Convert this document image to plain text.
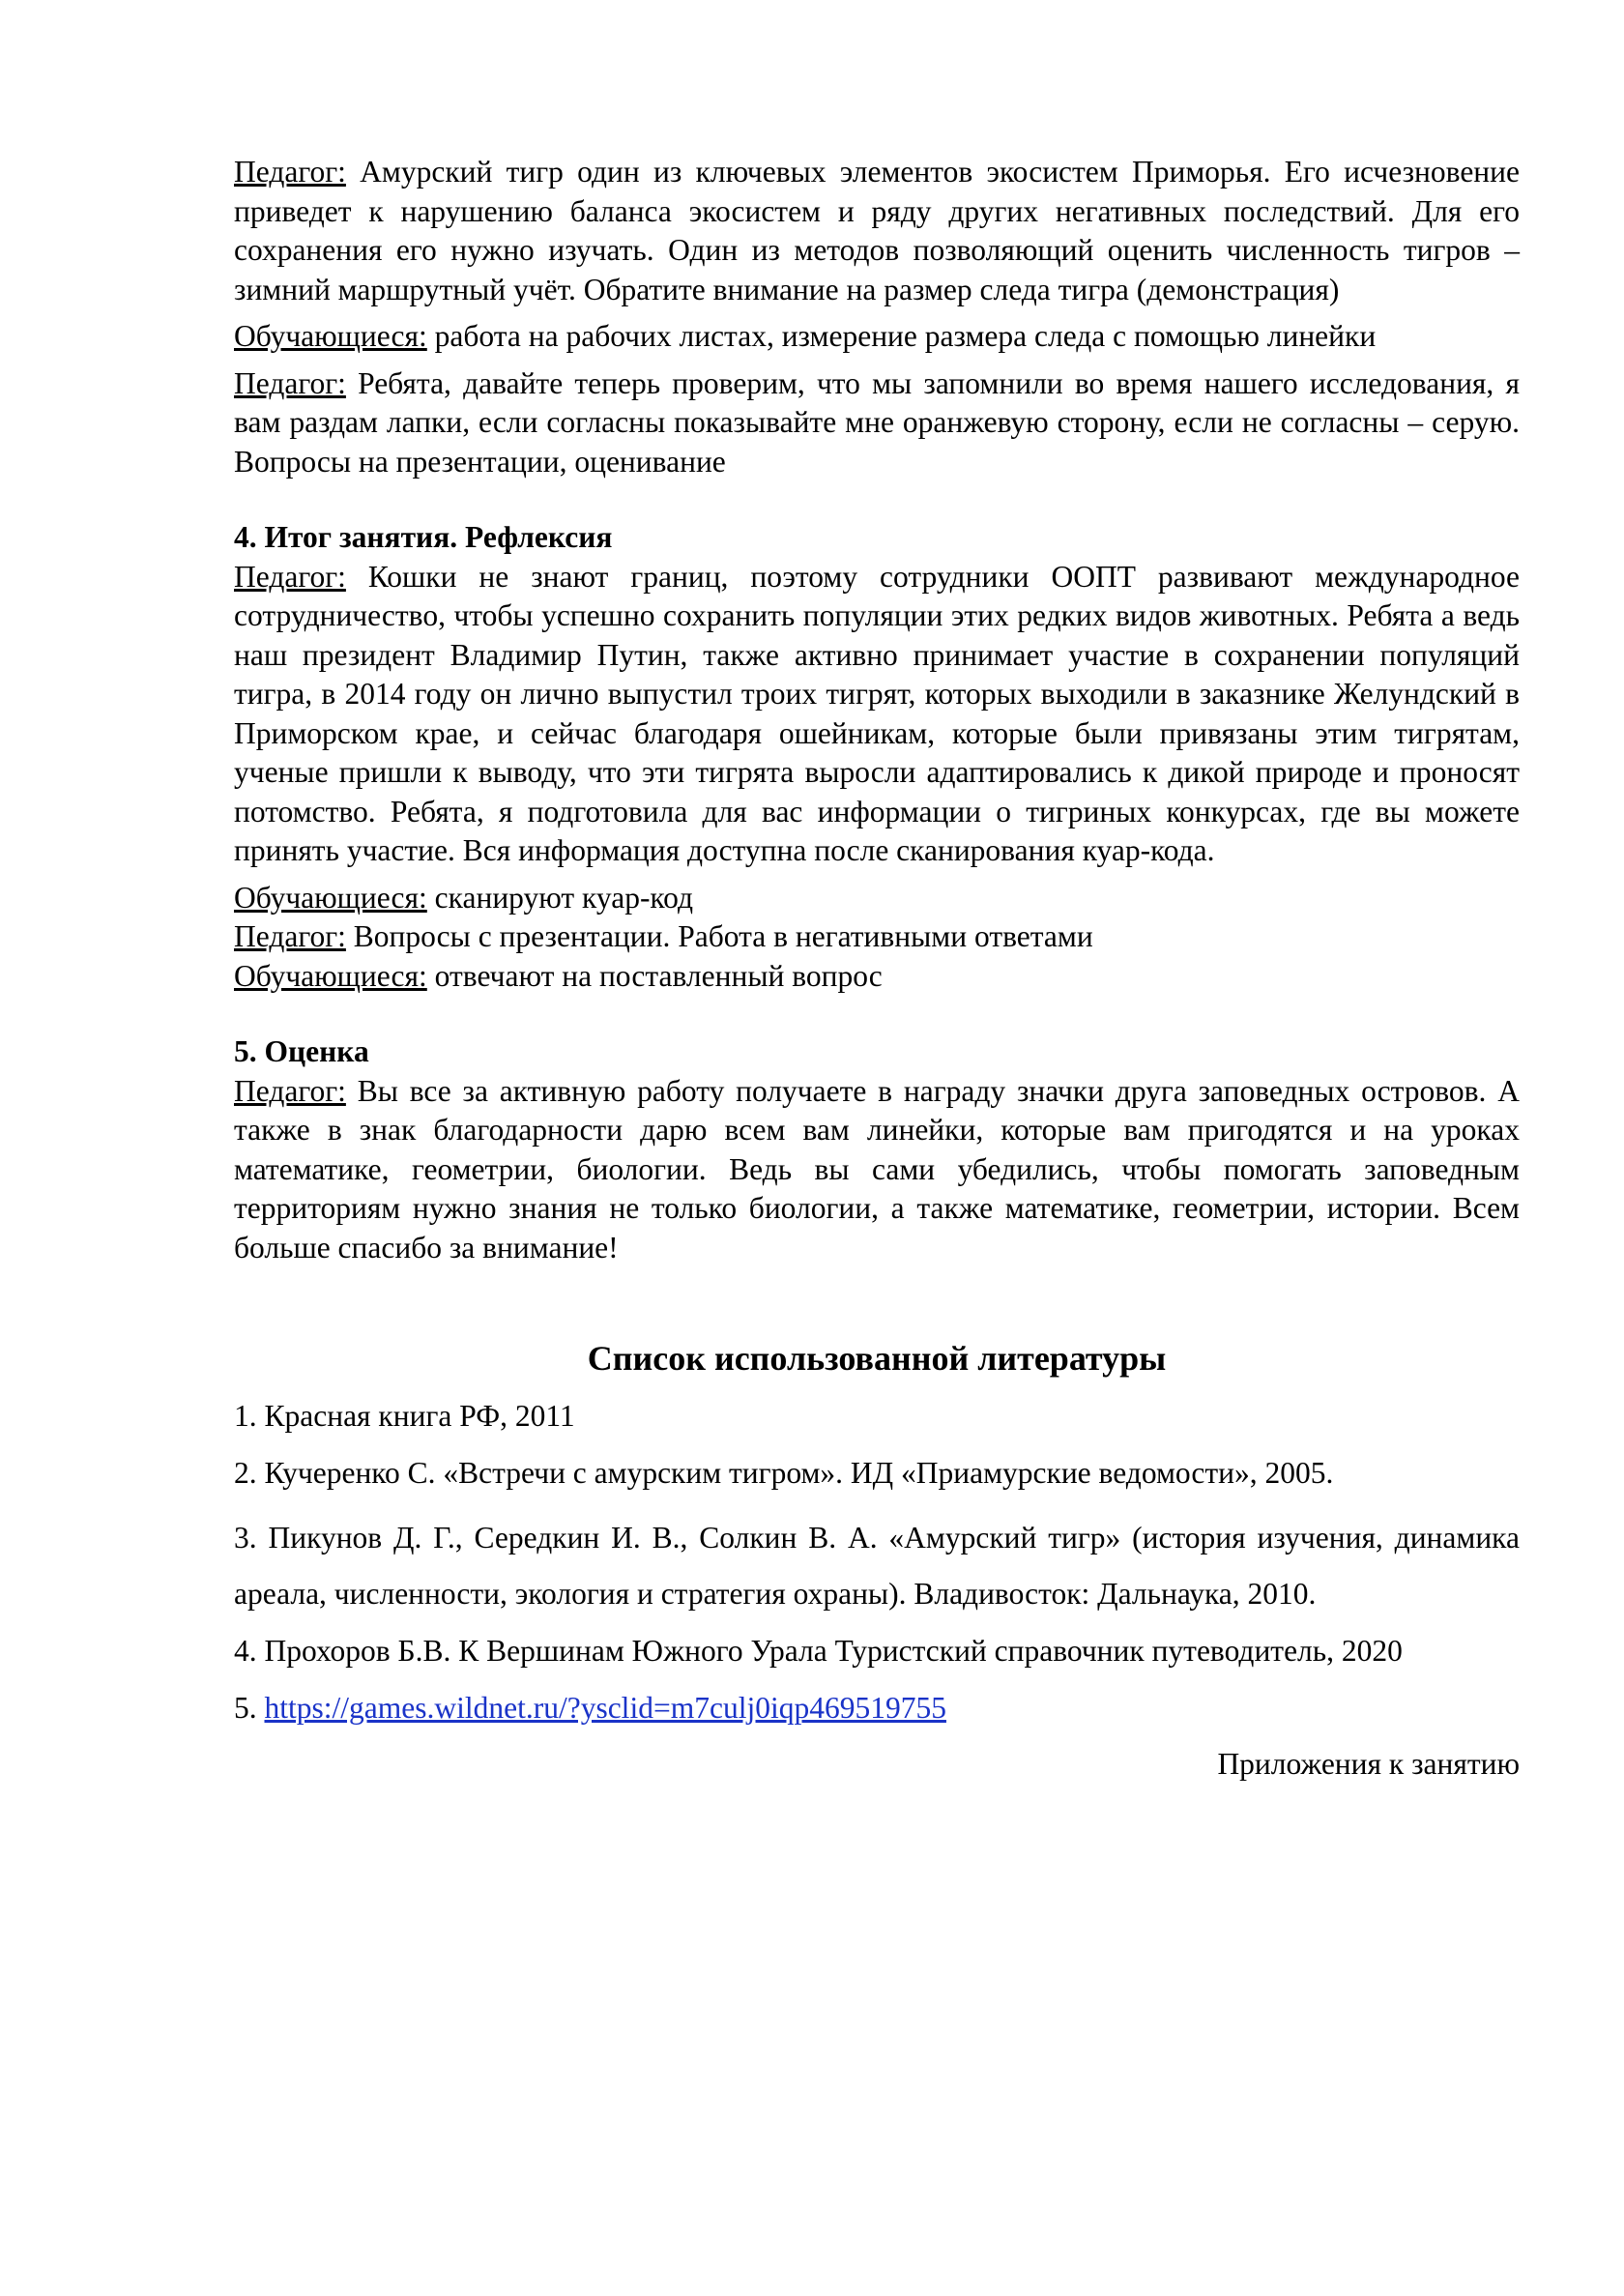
Педагог: Амурский тигр один из ключевых элементов экосистем Приморья. Его исчезновение приведет к нарушению баланса экосистем и ряду других негативных последствий. Для его сохранения его нужно изучать. Один из методов позволяющий оценить численность тигров – зимний маршрутный учёт. Обратите внимание на размер следа тигра (демонстрация)

Обучающиеся: работа на рабочих листах, измерение размера следа с помощью линейки

Педагог: Ребята, давайте теперь проверим, что мы запомнили во время нашего исследования, я вам раздам лапки, если согласны показывайте мне оранжевую сторону, если не согласны – серую. Вопросы на презентации, оценивание

4. Итог занятия. Рефлексия

Педагог: Кошки не знают границ, поэтому сотрудники ООПТ развивают международное сотрудничество, чтобы успешно сохранить популяции этих редких видов животных. Ребята а ведь наш президент Владимир Путин, также активно принимает участие в сохранении популяций тигра, в 2014 году он лично выпустил троих тигрят, которых выходили в заказнике Желундский в Приморском крае, и сейчас благодаря ошейникам, которые были привязаны этим тигрятам, ученые пришли к выводу, что эти тигрята выросли адаптировались к дикой природе и проносят потомство. Ребята, я подготовила для вас информации о тигриных конкурсах, где вы можете принять участие. Вся информация доступна после сканирования куар-кода.

Обучающиеся: сканируют куар-код

Педагог: Вопросы с презентации. Работа в негативными ответами

Обучающиеся: отвечают на поставленный вопрос

5. Оценка

Педагог: Вы все за активную работу получаете в награду значки друга заповедных островов. А также в знак благодарности дарю всем вам линейки, которые вам пригодятся и на уроках математике, геометрии, биологии. Ведь вы сами убедились, чтобы помогать заповедным территориям нужно знания не только биологии, а также математике, геометрии, истории. Всем больше спасибо за внимание!

Список использованной литературы

1. Красная книга РФ, 2011

2. Кучеренко С. «Встречи с амурским тигром». ИД «Приамурские ведомости», 2005.

3. Пикунов Д. Г., Середкин И. В., Солкин В. А. «Амурский тигр» (история изучения, динамика ареала, численности, экология и стратегия охраны). Владивосток: Дальнаука, 2010.

4. Прохоров Б.В. К Вершинам Южного Урала Туристский справочник путеводитель, 2020

5. https://games.wildnet.ru/?ysclid=m7culj0iqp469519755

Приложения к занятию
